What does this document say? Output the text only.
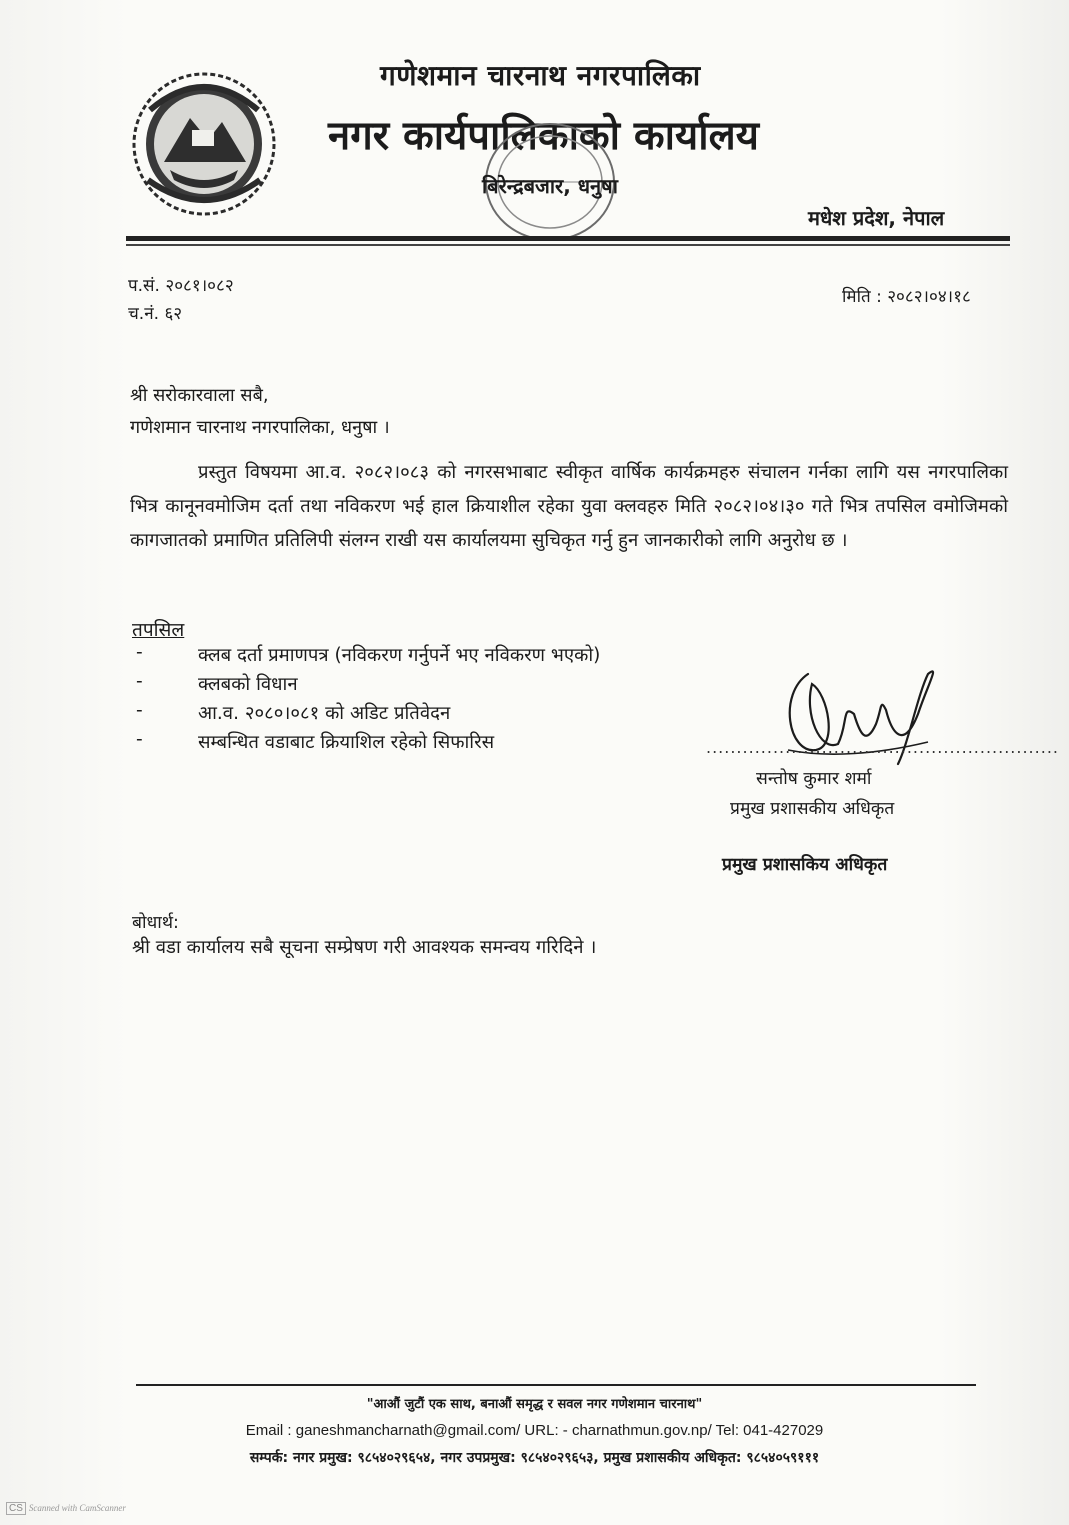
गणेशमान चारनाथ नगरपालिका
नगर कार्यपालिकाको कार्यालय
बिरेन्द्रबजार, धनुषा
मधेश प्रदेश, नेपाल
प.सं. २०८१।०८२
च.नं. ६२
मिति : २०८२।०४।१८
श्री सरोकारवाला सबै,
गणेशमान चारनाथ नगरपालिका, धनुषा ।
प्रस्तुत विषयमा आ.व. २०८२।०८३ को नगरसभाबाट स्वीकृत वार्षिक कार्यक्रमहरु संचालन गर्नका लागि यस नगरपालिका भित्र कानूनवमोजिम दर्ता तथा नविकरण भई हाल क्रियाशील रहेका युवा क्लवहरु मिति २०८२।०४।३० गते भित्र तपसिल वमोजिमको कागजातको प्रमाणित प्रतिलिपी संलग्न राखी यस कार्यालयमा सुचिकृत गर्नु हुन जानकारीको लागि अनुरोध छ ।
तपसिल
-	क्लब दर्ता प्रमाणपत्र (नविकरण गर्नुपर्ने भए नविकरण भएको)
-	क्लबको विधान
-	आ.व. २०८०।०८१ को अडिट प्रतिवेदन
-	सम्बन्धित वडाबाट क्रियाशिल रहेको सिफारिस	..........................................................
सन्तोष कुमार शर्मा
प्रमुख प्रशासकीय अधिकृत
प्रमुख प्रशासकिय अधिकृत
बोधार्थ:
श्री वडा कार्यालय सबै सूचना सम्प्रेषण गरी आवश्यक समन्वय गरिदिने ।
"आऔं जुटौं एक साथ, बनाऔं समृद्ध र सवल नगर गणेशमान चारनाथ"
Email : ganeshmancharnath@gmail.com/ URL: - charnathmun.gov.np/ Tel: 041-427029
सम्पर्क: नगर प्रमुख: ९८५४०२९६५४, नगर उपप्रमुख: ९८५४०२९६५३, प्रमुख प्रशासकीय अधिकृत: ९८५४०५९१११
CS Scanned with CamScanner
